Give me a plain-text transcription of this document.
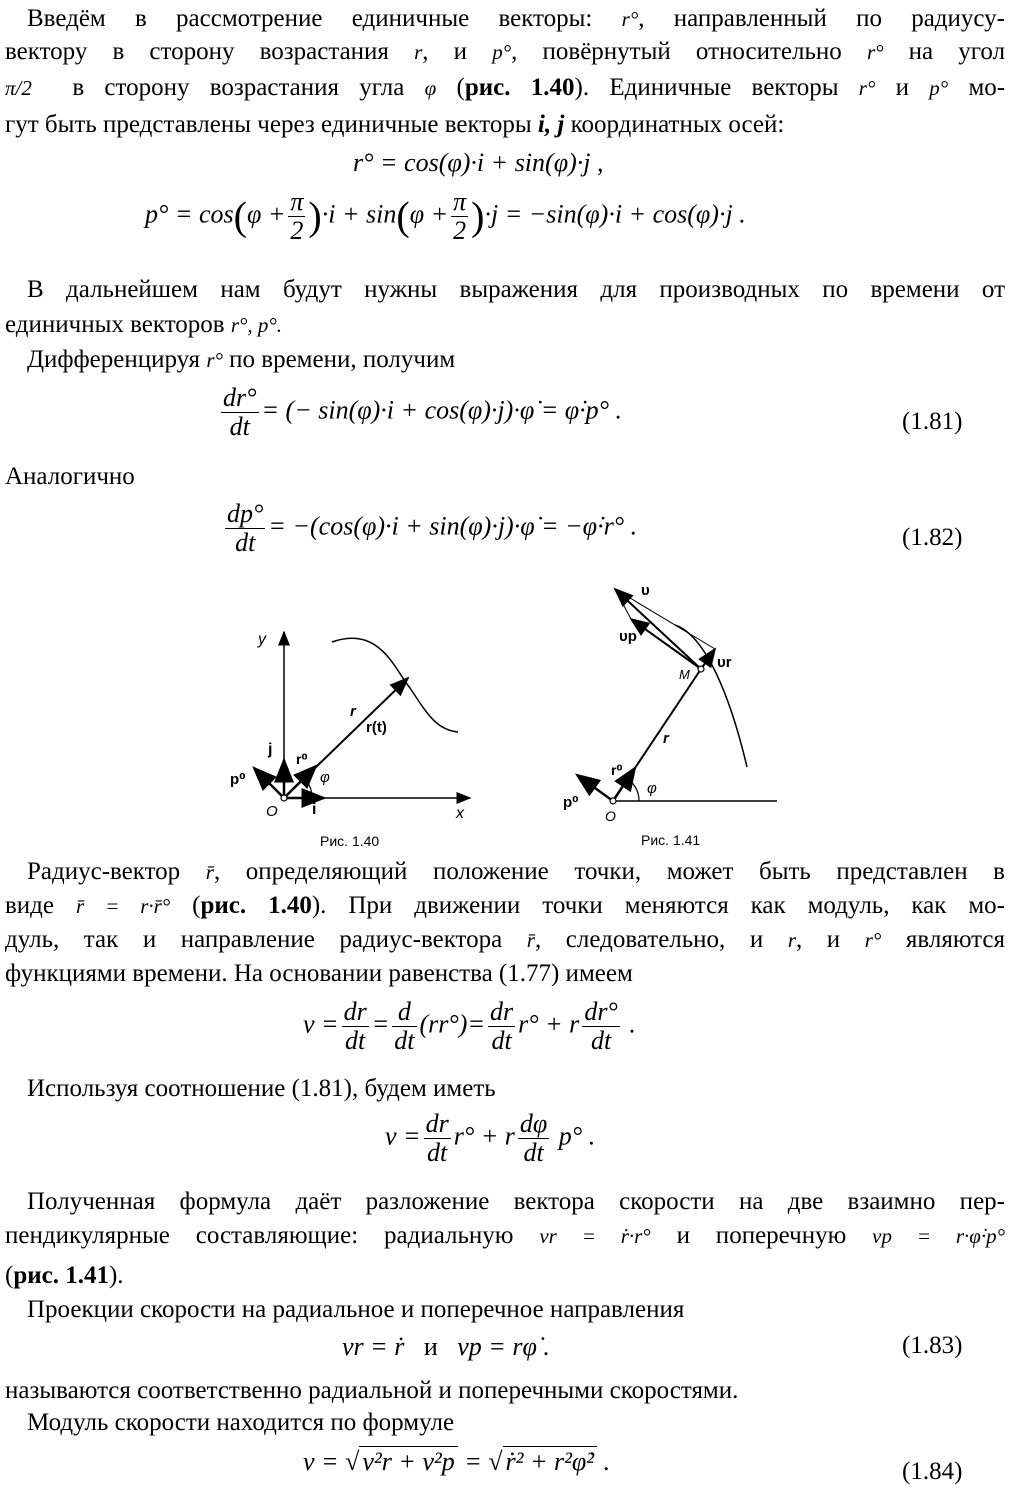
Введём в рассмотрение единичные векторы: r°, направленный по радиусу-

вектору в сторону возрастания r, и p°, повёрнутый относительно r° на угол

π/2 в сторону возрастания угла φ (рис. 1.40). Единичные векторы r° и p° мо-

гут быть представлены через единичные векторы i, j координатных осей:

r° = cos(φ)·i + sin(φ)·j ,
$p^\circ = \cos(\varphi + \frac{\pi}{2} )\cdot i + \sin(\varphi + \frac{\pi}{2} )\cdot j = -\sin(\varphi)\cdot i + \cos(\varphi)\cdot j$ .

В дальнейшем нам будут нужны выражения для производных по времени от

единичных векторов r°, p°.

Дифференцируя r° по времени, получим

$\frac{dr^\circ}{dt}$ = (− sin(φ)·i + cos(φ)·j)·φ̇ = φ̇·p° .	(1.81)

Аналогично

$\frac{dp^\circ}{dt} = -(\cos(\varphi)\cdot i$ + sin(φ)·j)·φ̇ = −φ̇·r° .	(1.82)
y
x
O
j
i
r⁰
p⁰	φ
r
r(t)
Рис. 1.40
υ
υp
υr
M
r
r⁰
p⁰
φ
O
Рис. 1.41

Радиус-вектор r̄, определяющий положение точки, может быть представлен в

виде r̄ = r·r̄° (рис. 1.40). При движении точки меняются как модуль, как мо-

дуль, так и направление радиус-вектора r̄, следовательно, и r, и r° являются

функциями времени. На основании равенства (1.77) имеем

$v = \frac{dr}{dt} = \frac{d}{dt} (rr^\circ)= \frac{dr}{dt} r^\circ + r \frac{dr^\circ}{dt}$ .

Используя соотношение (1.81), будем иметь

$v = \frac{dr}{dt} r^\circ + r \frac{d\varphi}{dt} p^\circ$ .

Полученная формула даёт разложение вектора скорости на две взаимно пер-

пендикулярные составляющие: радиальную vr = ṙ·r° и поперечную vp = r·φ̇·p°

(рис. 1.41).

Проекции скорости на радиальное и поперечное направления

vr = ṙ и vp = rφ̇ .	(1.83)

называются соответственно радиальной и поперечными скоростями.

Модуль скорости находится по формуле

v = √ v²r + v²p = √ ṙ² + r²φ̇² .	(1.84)
